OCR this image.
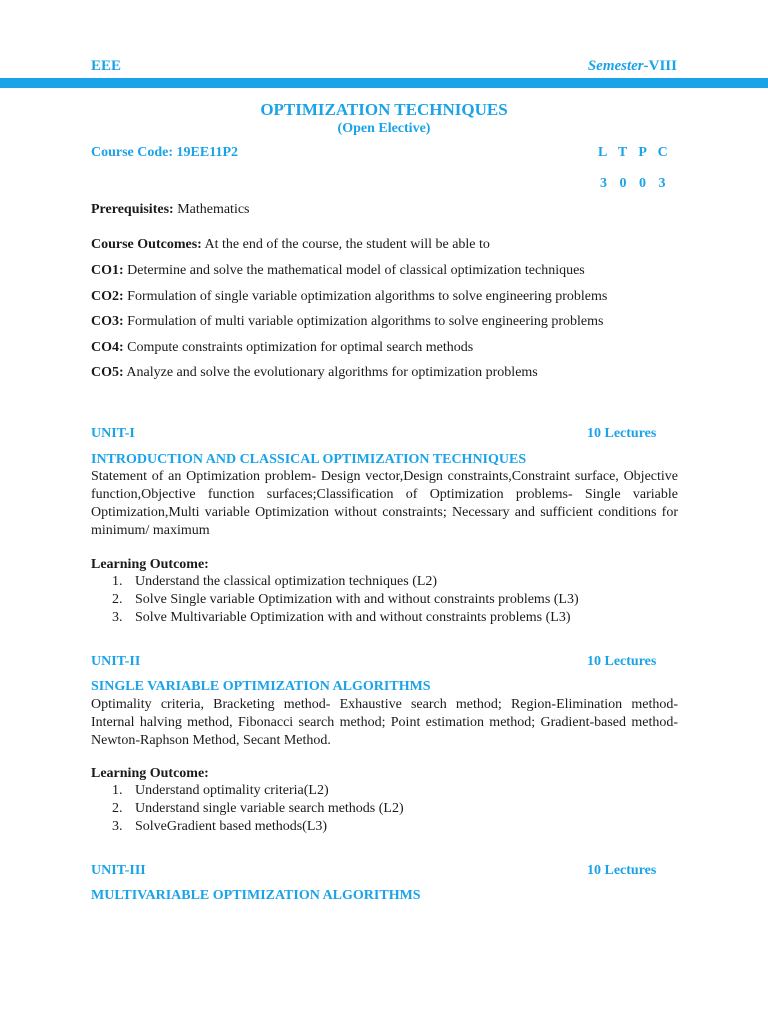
EEE	Semester-VIII
OPTIMIZATION TECHNIQUES
(Open Elective)
Course Code: 19EE11P2	L T P C
3 0 0 3
Prerequisites: Mathematics
Course Outcomes: At the end of the course, the student will be able to
CO1: Determine and solve the mathematical model of classical optimization techniques
CO2: Formulation of single variable optimization algorithms to solve engineering problems
CO3: Formulation of multi variable optimization algorithms to solve engineering problems
CO4: Compute constraints optimization for optimal search methods
CO5: Analyze and solve the evolutionary algorithms for optimization problems
UNIT-I	10 Lectures
INTRODUCTION AND CLASSICAL OPTIMIZATION TECHNIQUES
Statement of an Optimization problem- Design vector,Design constraints,Constraint surface, Objective function,Objective function surfaces;Classification of Optimization problems- Single variable Optimization,Multi variable Optimization without constraints; Necessary and sufficient conditions for minimum/ maximum
Learning Outcome:
1. Understand the classical optimization techniques (L2)
2. Solve Single variable Optimization with and without constraints problems (L3)
3. Solve Multivariable Optimization with and without constraints problems (L3)
UNIT-II	10 Lectures
SINGLE VARIABLE OPTIMIZATION ALGORITHMS
Optimality criteria, Bracketing method- Exhaustive search method; Region-Elimination method- Internal halving method, Fibonacci search method; Point estimation method; Gradient-based method- Newton-Raphson Method, Secant Method.
Learning Outcome:
1. Understand optimality criteria(L2)
2. Understand single variable search methods (L2)
3. SolveGradient based methods(L3)
UNIT-III	10 Lectures
MULTIVARIABLE OPTIMIZATION ALGORITHMS
